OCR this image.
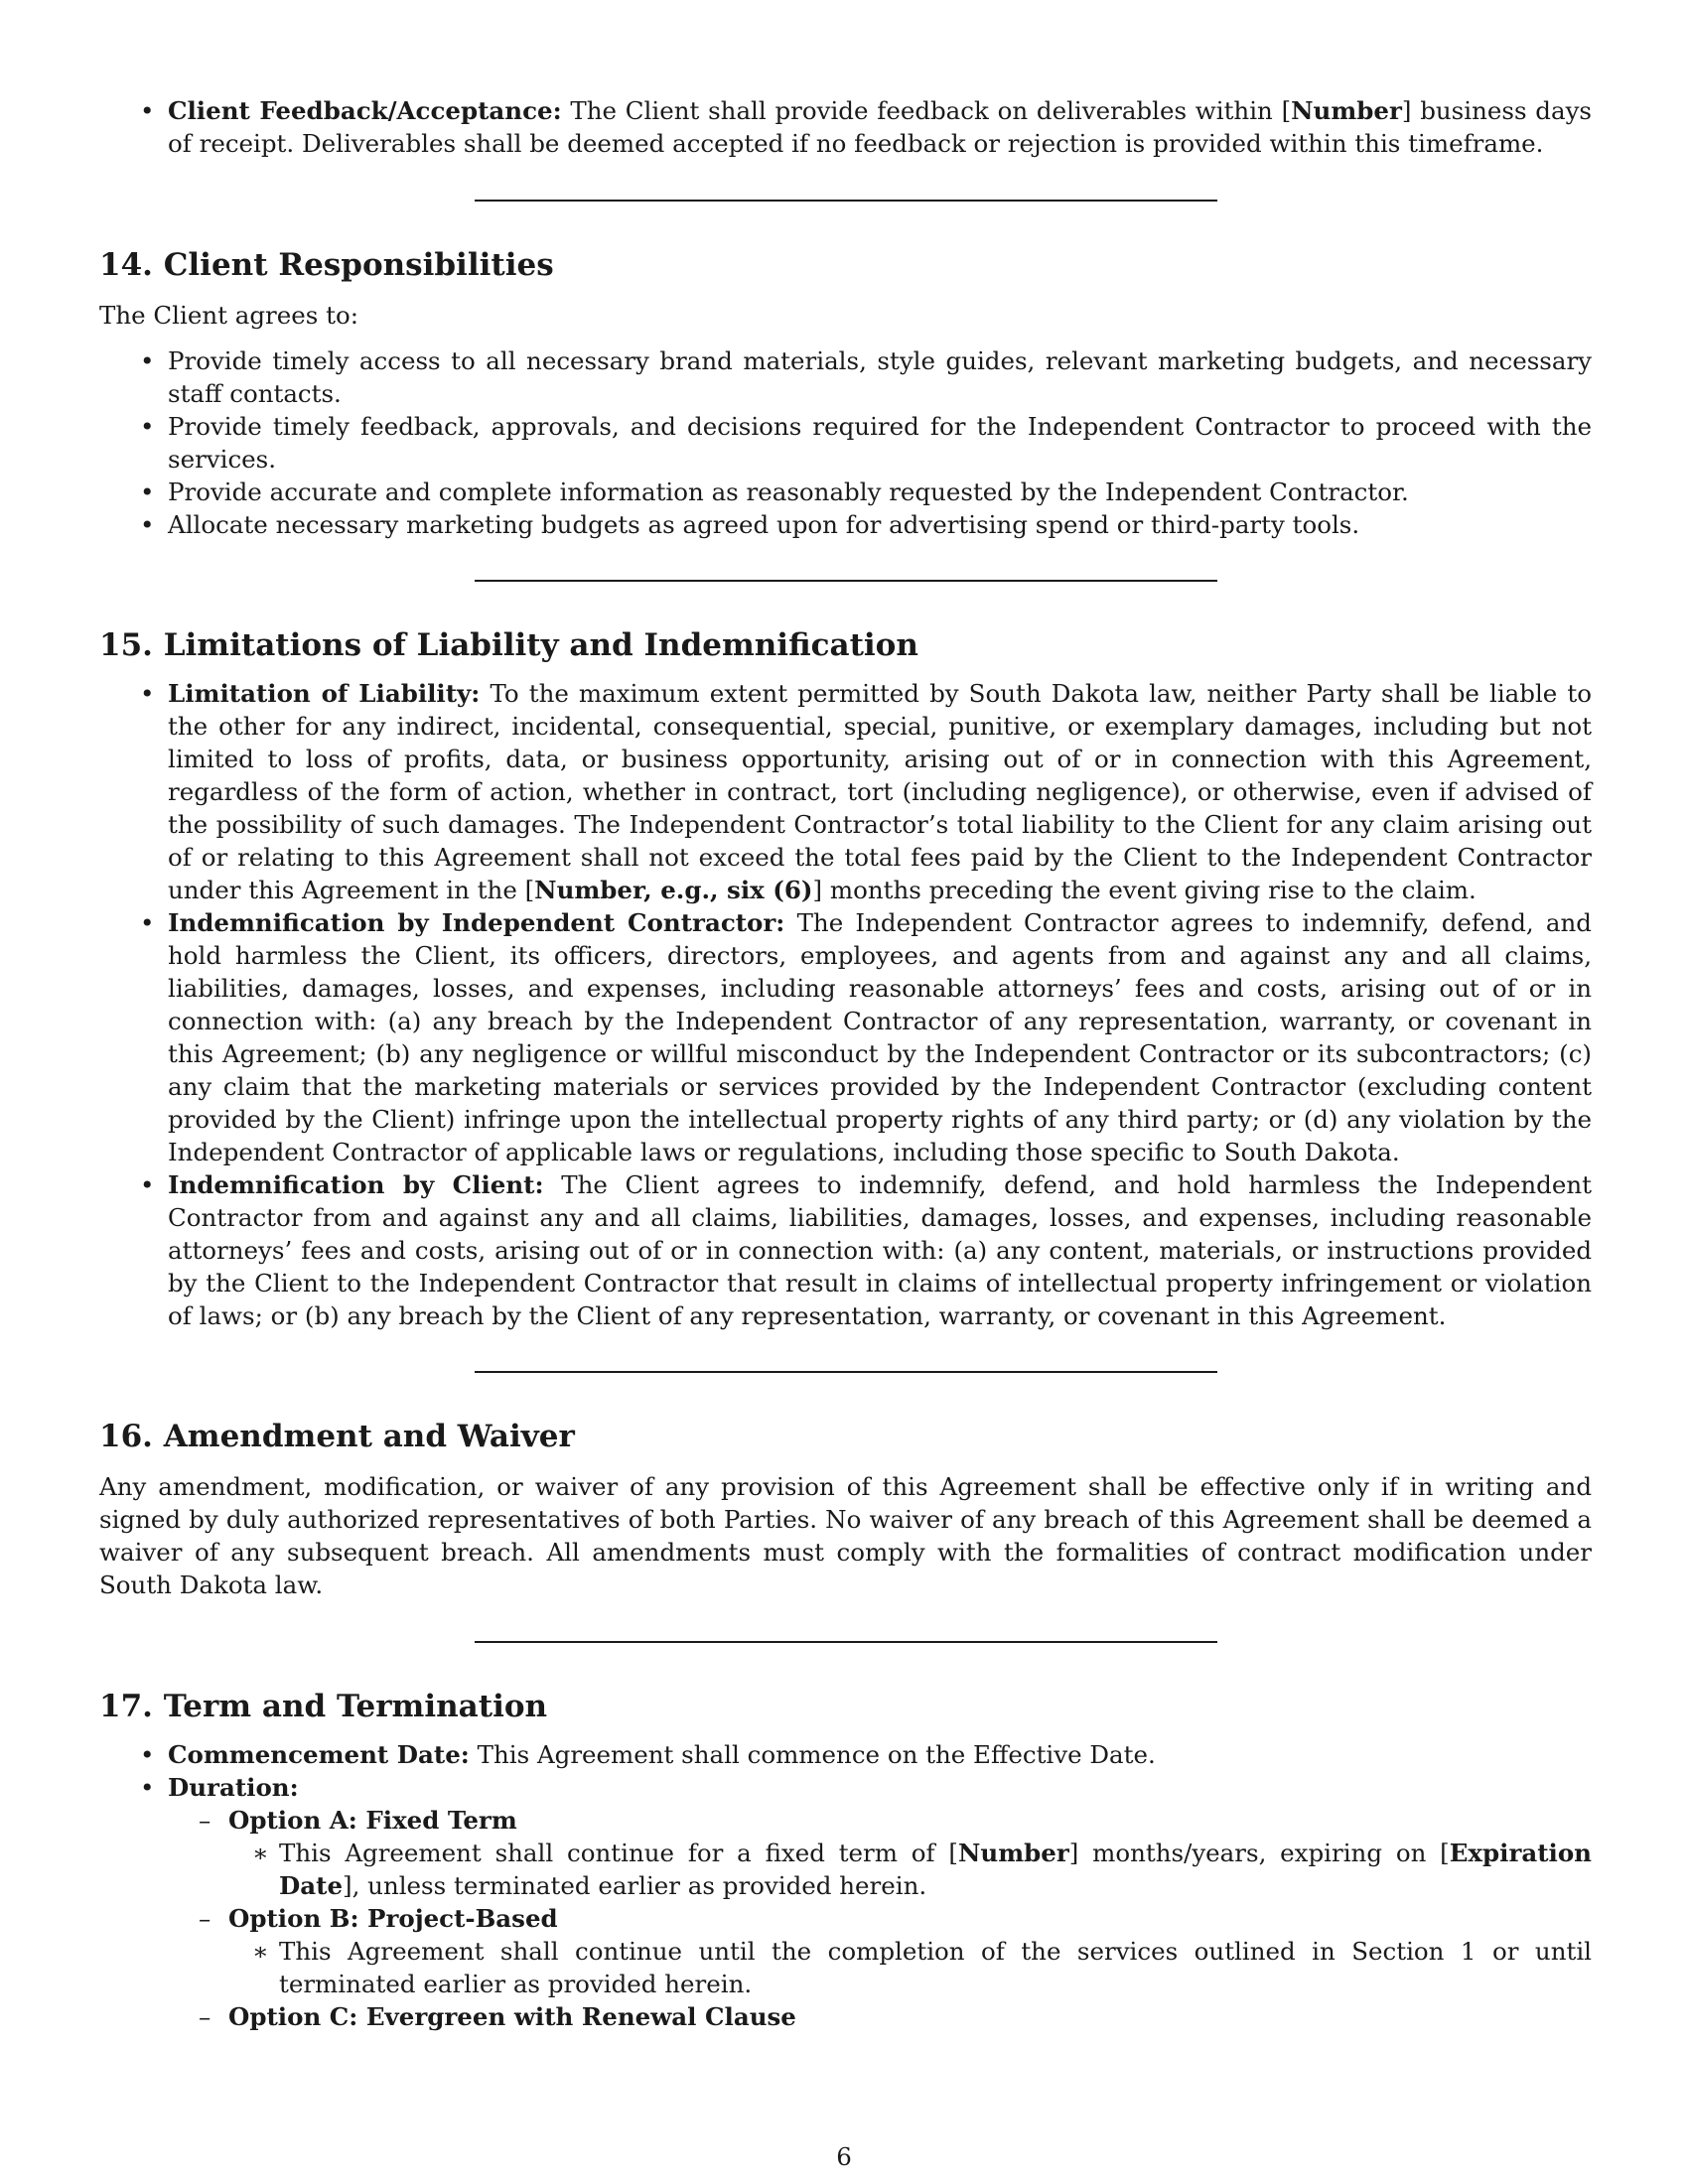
• Client Feedback/Acceptance: The Client shall provide feedback on deliverables within [Number] business days of receipt. Deliverables shall be deemed accepted if no feedback or rejection is provided within this timeframe.
14. Client Responsibilities

The Client agrees to:

• Provide timely access to all necessary brand materials, style guides, relevant marketing budgets, and necessary staff contacts.
• Provide timely feedback, approvals, and decisions required for the Independent Contractor to proceed with the services.
• Provide accurate and complete information as reasonably requested by the Independent Contractor.
• Allocate necessary marketing budgets as agreed upon for advertising spend or third-party tools.
15. Limitations of Liability and Indemnification
• Limitation of Liability: To the maximum extent permitted by South Dakota law, neither Party shall be liable to the other for any indirect, incidental, consequential, special, punitive, or exemplary damages, including but not limited to loss of profits, data, or business opportunity, arising out of or in connection with this Agreement, regardless of the form of action, whether in contract, tort (including negligence), or otherwise, even if advised of the possibility of such damages. The Independent Contractor’s total liability to the Client for any claim arising out of or relating to this Agreement shall not exceed the total fees paid by the Client to the Independent Contractor under this Agreement in the [Number, e.g., six (6)] months preceding the event giving rise to the claim.
• Indemnification by Independent Contractor: The Independent Contractor agrees to indemnify, defend, and hold harmless the Client, its officers, directors, employees, and agents from and against any and all claims, liabilities, damages, losses, and expenses, including reasonable attorneys’ fees and costs, arising out of or in connection with: (a) any breach by the Independent Contractor of any representation, warranty, or covenant in this Agreement; (b) any negligence or willful misconduct by the Independent Contractor or its subcontractors; (c) any claim that the marketing materials or services provided by the Independent Contractor (excluding content provided by the Client) infringe upon the intellectual property rights of any third party; or (d) any violation by the Independent Contractor of applicable laws or regulations, including those specific to South Dakota.
• Indemnification by Client: The Client agrees to indemnify, defend, and hold harmless the Independent Contractor from and against any and all claims, liabilities, damages, losses, and expenses, including reasonable attorneys’ fees and costs, arising out of or in connection with: (a) any content, materials, or instructions provided by the Client to the Independent Contractor that result in claims of intellectual property infringement or violation of laws; or (b) any breach by the Client of any representation, warranty, or covenant in this Agreement.
16. Amendment and Waiver

Any amendment, modification, or waiver of any provision of this Agreement shall be effective only if in writing and signed by duly authorized representatives of both Parties. No waiver of any breach of this Agreement shall be deemed a waiver of any subsequent breach. All amendments must comply with the formalities of contract modification under South Dakota law.

17. Term and Termination
• Commencement Date: This Agreement shall commence on the Effective Date.
• Duration:
– Option A: Fixed Term
∗ This Agreement shall continue for a fixed term of [Number] months/years, expiring on [Expiration Date], unless terminated earlier as provided herein.
– Option B: Project-Based
∗ This Agreement shall continue until the completion of the services outlined in Section 1 or until terminated earlier as provided herein.
– Option C: Evergreen with Renewal Clause
6
